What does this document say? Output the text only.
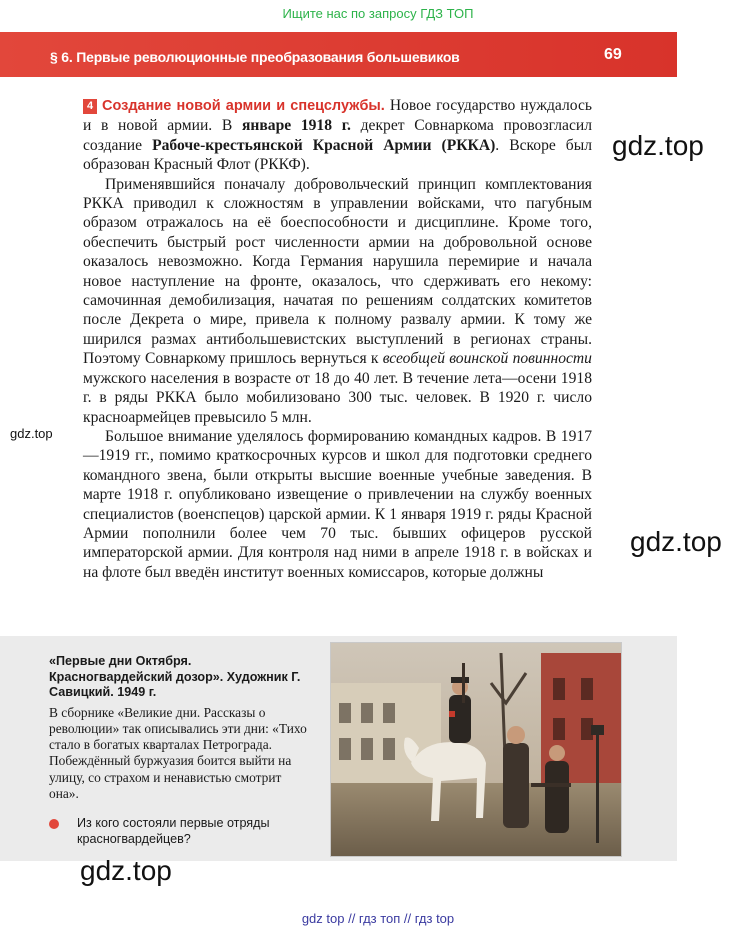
Ищите нас по запросу ГДЗ ТОП
§ 6. Первые революционные преобразования большевиков	69

4 Создание новой армии и спецслужбы. Новое государство нуждалось и в новой армии. В январе 1918 г. декрет Совнаркома провозгласил создание Рабоче-крестьянской Красной Армии (РККА). Вскоре был образован Красный Флот (РККФ).

Применявшийся поначалу добровольческий принцип комплектования РККА приводил к сложностям в управлении войсками, что пагубным образом отражалось на её боеспособности и дисциплине. Кроме того, обеспечить быстрый рост численности армии на добровольной основе оказалось невозможно. Когда Германия нарушила перемирие и начала новое наступление на фронте, оказалось, что сдерживать его некому: самочинная демобилизация, начатая по решениям солдатских комитетов после Декрета о мире, привела к полному развалу армии. К тому же ширился размах антибольшевистских выступлений в регионах страны. Поэтому Совнаркому пришлось вернуться к всеобщей воинской повинности мужского населения в возрасте от 18 до 40 лет. В течение лета—осени 1918 г. в ряды РККА было мобилизовано 300 тыс. человек. В 1920 г. число красноармейцев превысило 5 млн.

Большое внимание уделялось формированию командных кадров. В 1917—1919 гг., помимо краткосрочных курсов и школ для подготовки среднего командного звена, были открыты высшие военные учебные заведения. В марте 1918 г. опубликовано извещение о привлечении на службу военных специалистов (военспецов) царской армии. К 1 января 1919 г. ряды Красной Армии пополнили более чем 70 тыс. бывших офицеров русской императорской армии. Для контроля над ними в апреле 1918 г. в войсках и на флоте был введён институт военных комиссаров, которые должны

gdz.top
gdz.top
gdz.top
«Первые дни Октября. Красногвардейский дозор». Художник Г. Савицкий. 1949 г.
В сборнике «Великие дни. Рассказы о революции» так описывались эти дни: «Тихо стало в богатых кварталах Петрограда. Побеждённый буржуазия боится выйти на улицу, со страхом и ненавистью смотрит она».
Из кого состояли первые отряды красногвардейцев?
gdz.top
gdz top // гдз топ // гдз top
